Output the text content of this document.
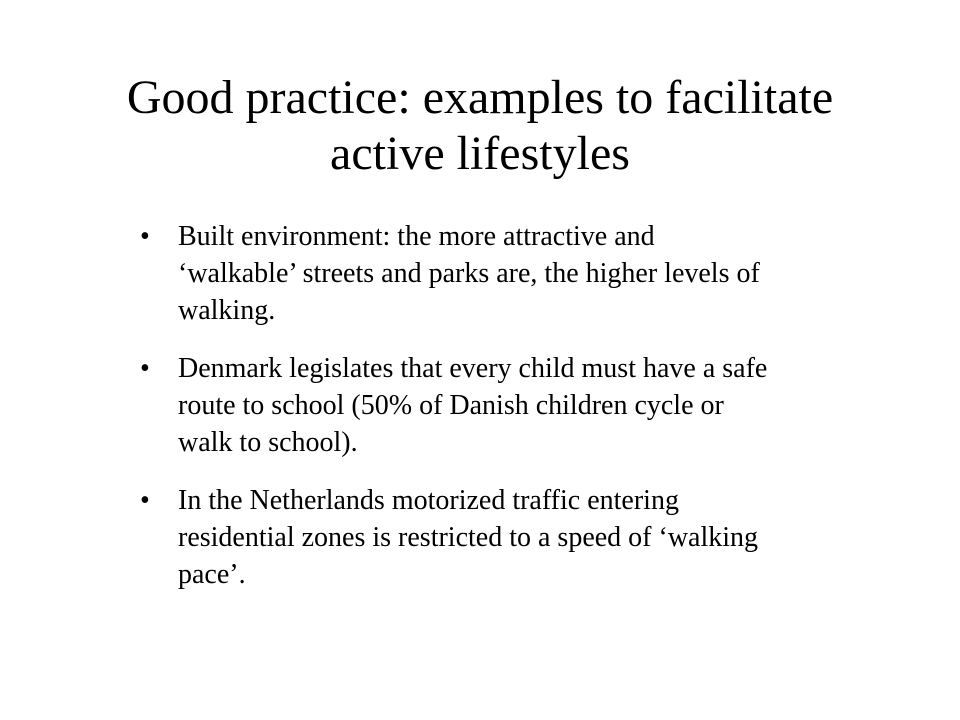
Good practice: examples to facilitate
active lifestyles
• Built environment: the more attractive and
‘walkable’ streets and parks are, the higher levels of
walking.
• Denmark legislates that every child must have a safe
route to school (50% of Danish children cycle or
walk to school).
• In the Netherlands motorized traffic entering
residential zones is restricted to a speed of ‘walking
pace’.
